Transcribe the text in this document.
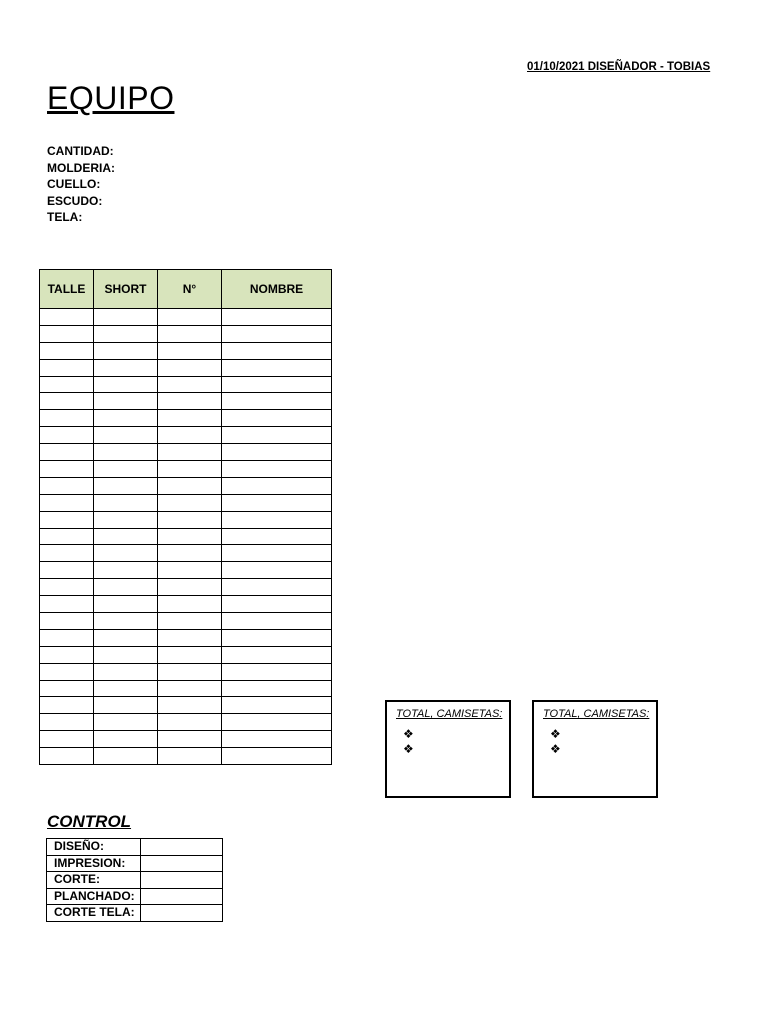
01/10/2021 DISEÑADOR - TOBIAS
EQUIPO
CANTIDAD:
MOLDERIA:
CUELLO:
ESCUDO:
TELA:
TALLE	SHORT	N°	NOMBRE

TOTAL, CAMISETAS:
❖
❖
TOTAL, CAMISETAS:
❖
❖
CONTROL
DISEÑO:	
IMPRESION:	
CORTE:	
PLANCHADO:	
CORTE TELA:	
